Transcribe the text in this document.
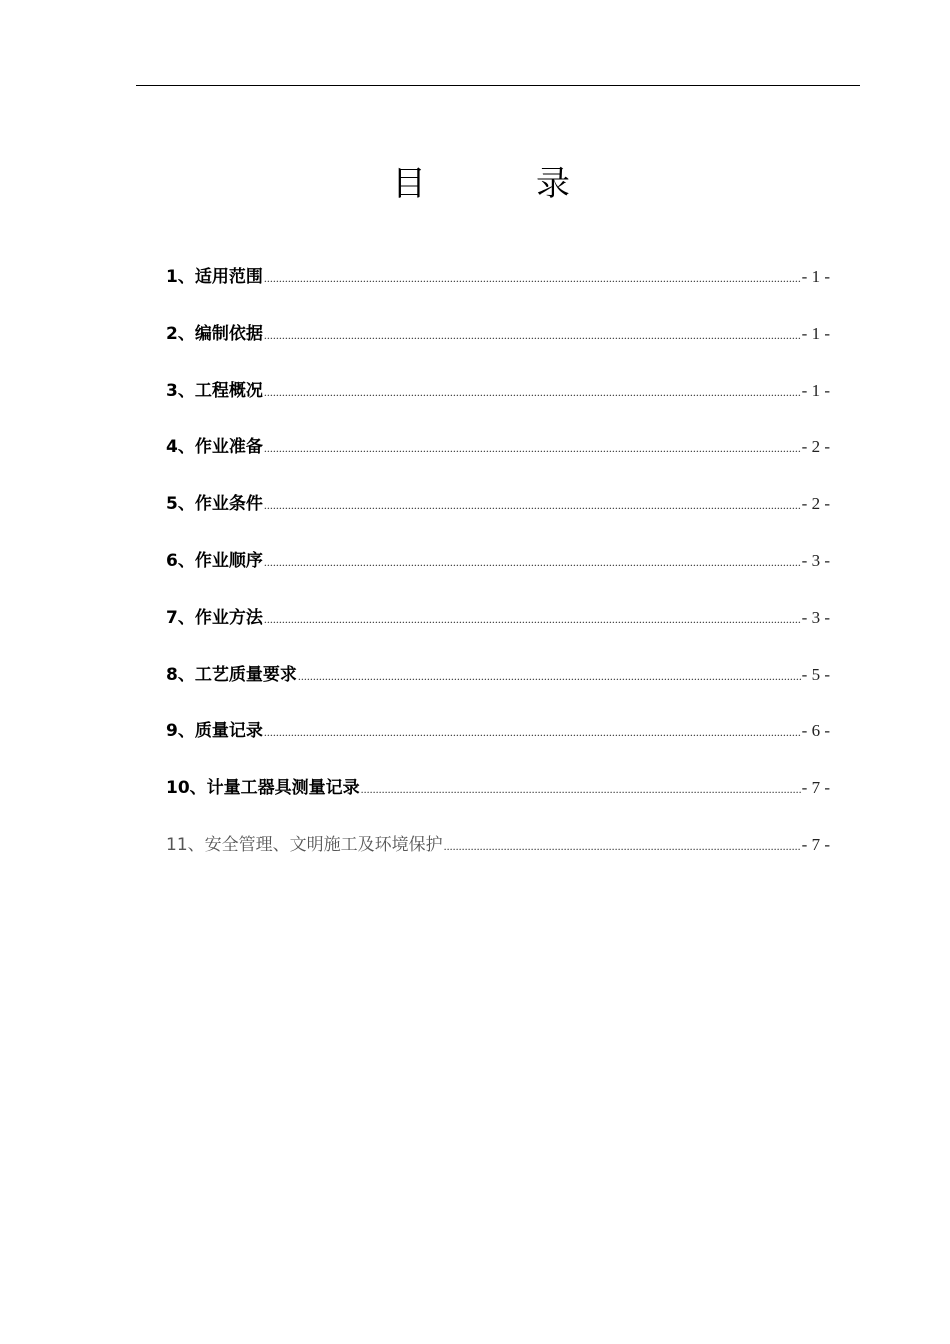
目　录
1、适用范围 .....	- 1 -
2、编制依据 .....	- 1 -
3、工程概况 .....	- 1 -
4、作业准备 .....	- 2 -
5、作业条件 .....	- 2 -
6、作业顺序 .....	- 3 -
7、作业方法 .....	- 3 -
8、工艺质量要求 .....	- 5 -
9、质量记录 .....	- 6 -
10、计量工器具测量记录 .....	- 7 -
11、安全管理、文明施工及环境保护 .....	- 7 -
